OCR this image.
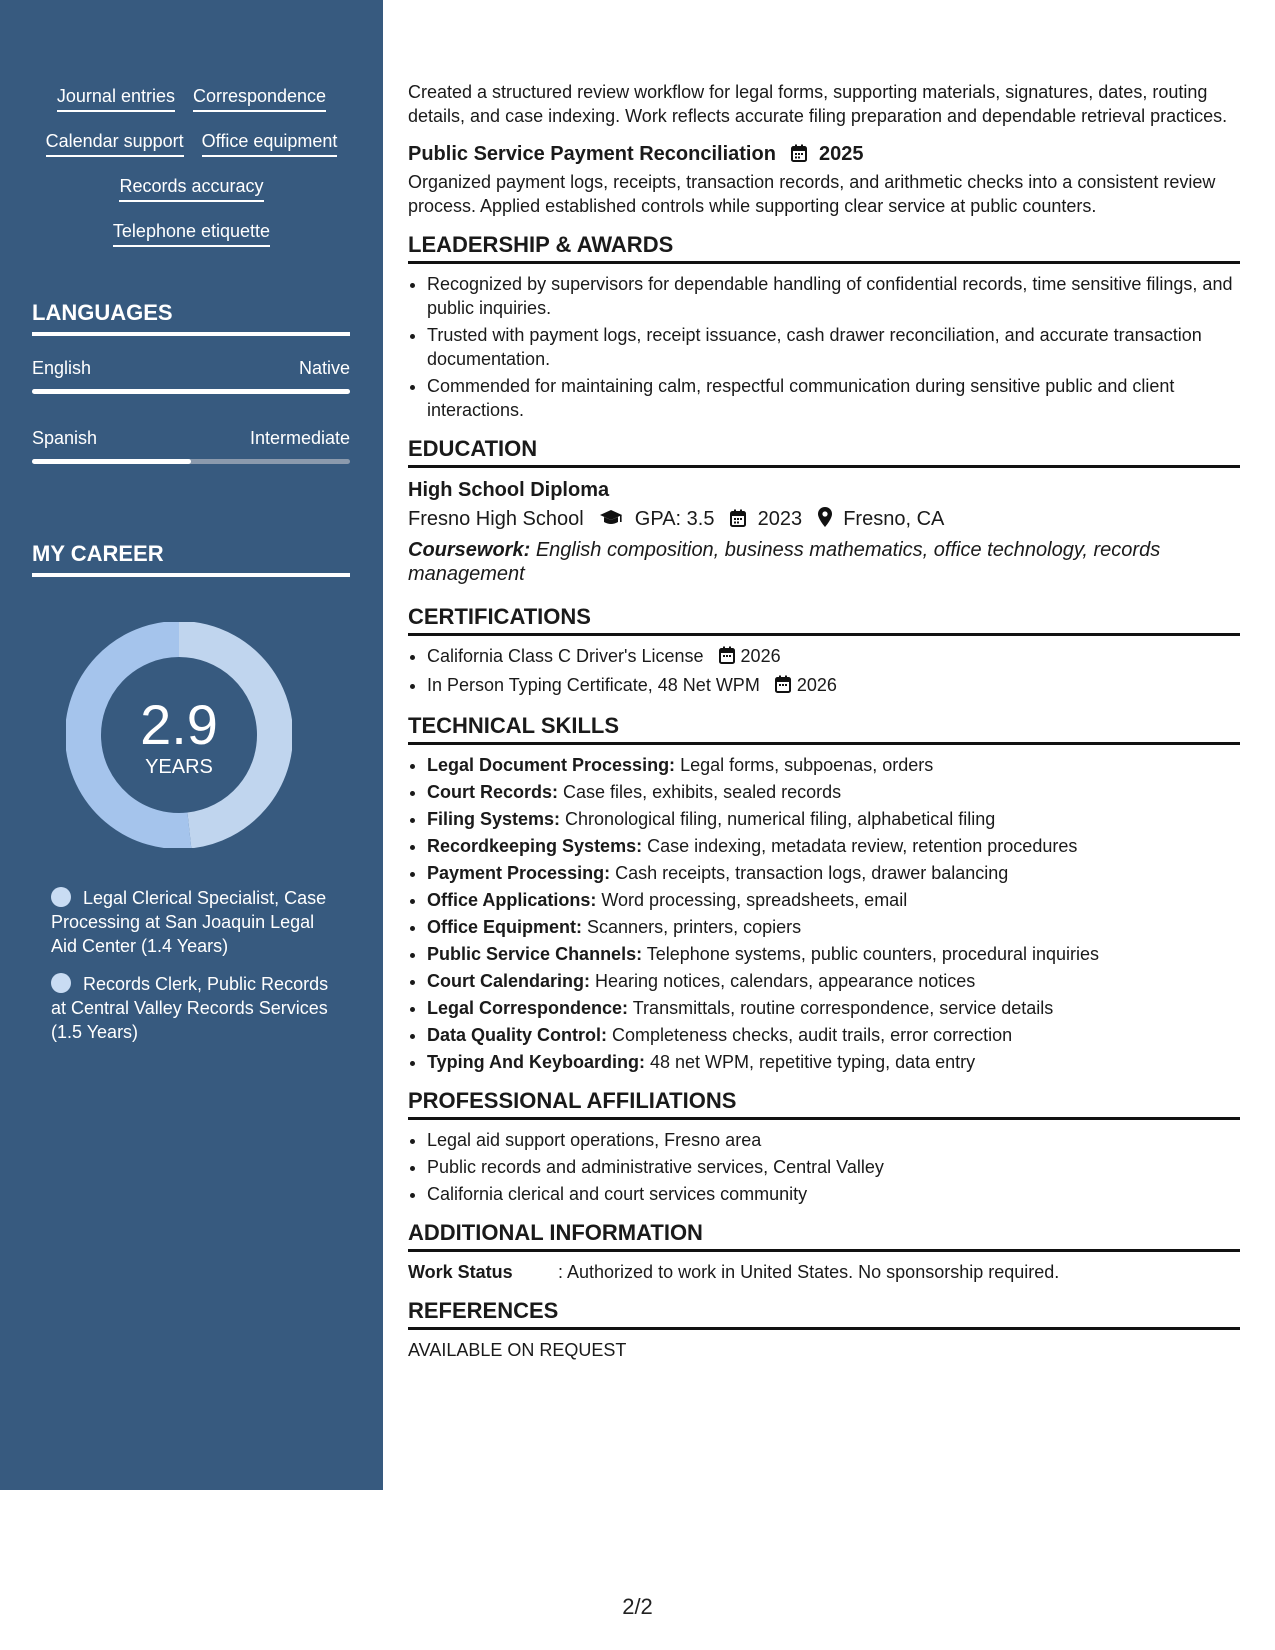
Journal entries Correspondence
Calendar support Office equipment
Records accuracy
Telephone etiquette
LANGUAGES
English	Native
Spanish	Intermediate
MY CAREER
2.9
YEARS
Legal Clerical Specialist, Case Processing at San Joaquin Legal Aid Center (1.4 Years)
Records Clerk, Public Records at Central Valley Records Services (1.5 Years)

Created a structured review workflow for legal forms, supporting materials, signatures, dates, routing details, and case indexing. Work reflects accurate filing preparation and dependable retrieval practices.

Public Service Payment Reconciliation 2025

Organized payment logs, receipts, transaction records, and arithmetic checks into a consistent review process. Applied established controls while supporting clear service at public counters.

LEADERSHIP & AWARDS
• Recognized by supervisors for dependable handling of confidential records, time sensitive filings, and public inquiries.
• Trusted with payment logs, receipt issuance, cash drawer reconciliation, and accurate transaction documentation.
• Commended for maintaining calm, respectful communication during sensitive public and client interactions.
EDUCATION
High School Diploma
Fresno High School	GPA: 3.5 2023 Fresno, CA
Coursework: English composition, business mathematics, office technology, records management
CERTIFICATIONS
• California Class C Driver's License 2026
• In Person Typing Certificate, 48 Net WPM 2026
TECHNICAL SKILLS
• Legal Document Processing: Legal forms, subpoenas, orders
• Court Records: Case files, exhibits, sealed records
• Filing Systems: Chronological filing, numerical filing, alphabetical filing
• Recordkeeping Systems: Case indexing, metadata review, retention procedures
• Payment Processing: Cash receipts, transaction logs, drawer balancing
• Office Applications: Word processing, spreadsheets, email
• Office Equipment: Scanners, printers, copiers
• Public Service Channels: Telephone systems, public counters, procedural inquiries
• Court Calendaring: Hearing notices, calendars, appearance notices
• Legal Correspondence: Transmittals, routine correspondence, service details
• Data Quality Control: Completeness checks, audit trails, error correction
• Typing And Keyboarding: 48 net WPM, repetitive typing, data entry
PROFESSIONAL AFFILIATIONS
• Legal aid support operations, Fresno area
• Public records and administrative services, Central Valley
• California clerical and court services community
ADDITIONAL INFORMATION
Work Status	: Authorized to work in United States. No sponsorship required.
REFERENCES
AVAILABLE ON REQUEST
2/2
